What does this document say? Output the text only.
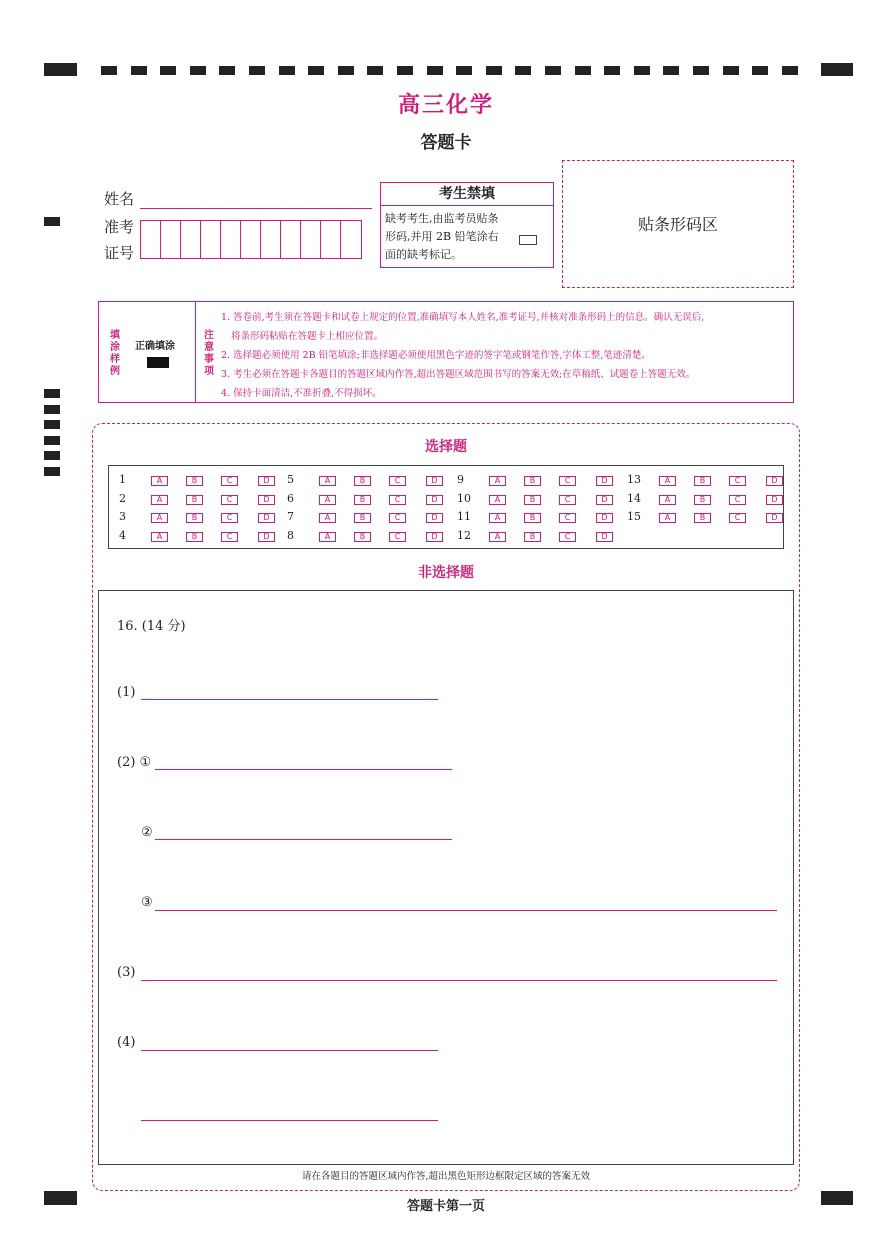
高三化学
答题卡
姓名
准考
证号
考生禁填
缺考考生,由监考员贴条形码,并用 2B 铅笔涂右面的缺考标记。
贴条形码区
填涂样例
正确填涂
注意事项
1. 答卷前,考生须在答题卡和试卷上规定的位置,准确填写本人姓名,准考证号,并核对准条形码上的信息。确认无误后,
将条形码粘贴在答题卡上相应位置。
2. 选择题必须使用 2B 铅笔填涂;非选择题必须使用黑色字迹的签字笔或钢笔作答,字体工整,笔迹清楚。
3. 考生必须在答题卡各题目的答题区域内作答,超出答题区域范围书写的答案无效;在草稿纸、试题卷上答题无效。
4. 保持卡面清洁,不准折叠,不得损坏。
选择题
1	A	B	C	D
2	A	B	C	D
3	A	B	C	D
4	A	B	C	D
5	A	B	C	D
6	A	B	C	D
7	A	B	C	D
8	A	B	C	D
9	A	B	C	D
10	A	B	C	D
11	A	B	C	D
12	A	B	C	D
13	A	B	C	D
14	A	B	C	D
15	A	B	C	D
非选择题
16. (14 分)
(1)
(2) ①
②
③
(3)
(4)
请在各题目的答题区域内作答,超出黑色矩形边框限定区域的答案无效
答题卡第一页
